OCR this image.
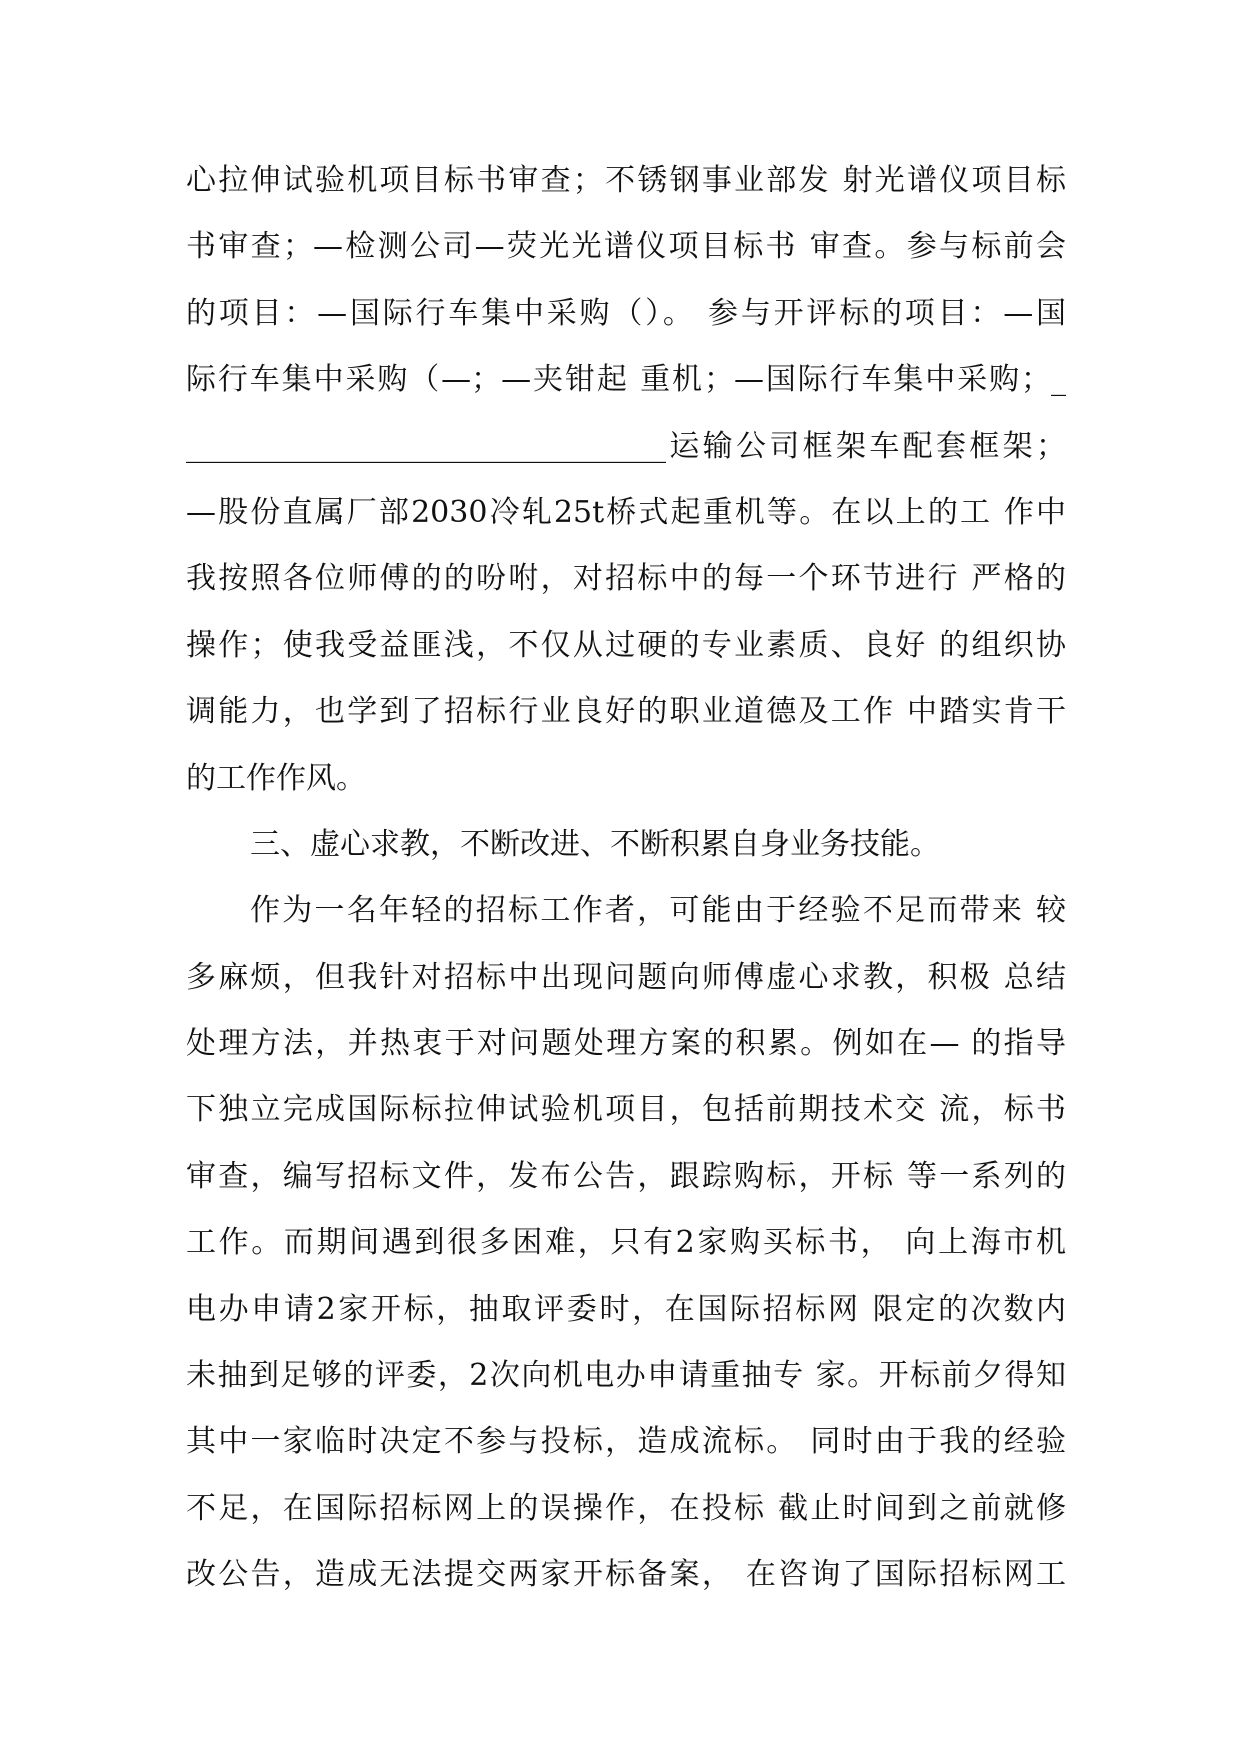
心拉伸试验机项目标书审查；不锈钢事业部发 射光谱仪项目标
书审查；—检测公司—荧光光谱仪项目标书 审查。参与标前会
的项目：—国际行车集中采购（）。 参与开评标的项目：—国
际行车集中采购（—；—夹钳起 重机；—国际行车集中采购；_
________________________________运输公司框架车配套框架；
—股份直属厂部2030冷轧25t桥式起重机等。在以上的工 作中
我按照各位师傅的的吩咐，对招标中的每一个环节进行 严格的
操作；使我受益匪浅，不仅从过硬的专业素质、良好 的组织协
调能力，也学到了招标行业良好的职业道德及工作 中踏实肯干
的工作作风。
三、虚心求教，不断改进、不断积累自身业务技能。
作为一名年轻的招标工作者，可能由于经验不足而带来 较
多麻烦，但我针对招标中出现问题向师傅虚心求教，积极 总结
处理方法，并热衷于对问题处理方案的积累。例如在— 的指导
下独立完成国际标拉伸试验机项目，包括前期技术交 流，标书
审查，编写招标文件，发布公告，跟踪购标，开标 等一系列的
工作。而期间遇到很多困难，只有2家购买标书， 向上海市机
电办申请2家开标，抽取评委时，在国际招标网 限定的次数内
未抽到足够的评委，2次向机电办申请重抽专 家。开标前夕得知
其中一家临时决定不参与投标，造成流标。 同时由于我的经验
不足，在国际招标网上的误操作，在投标 截止时间到之前就修
改公告，造成无法提交两家开标备案， 在咨询了国际招标网工
